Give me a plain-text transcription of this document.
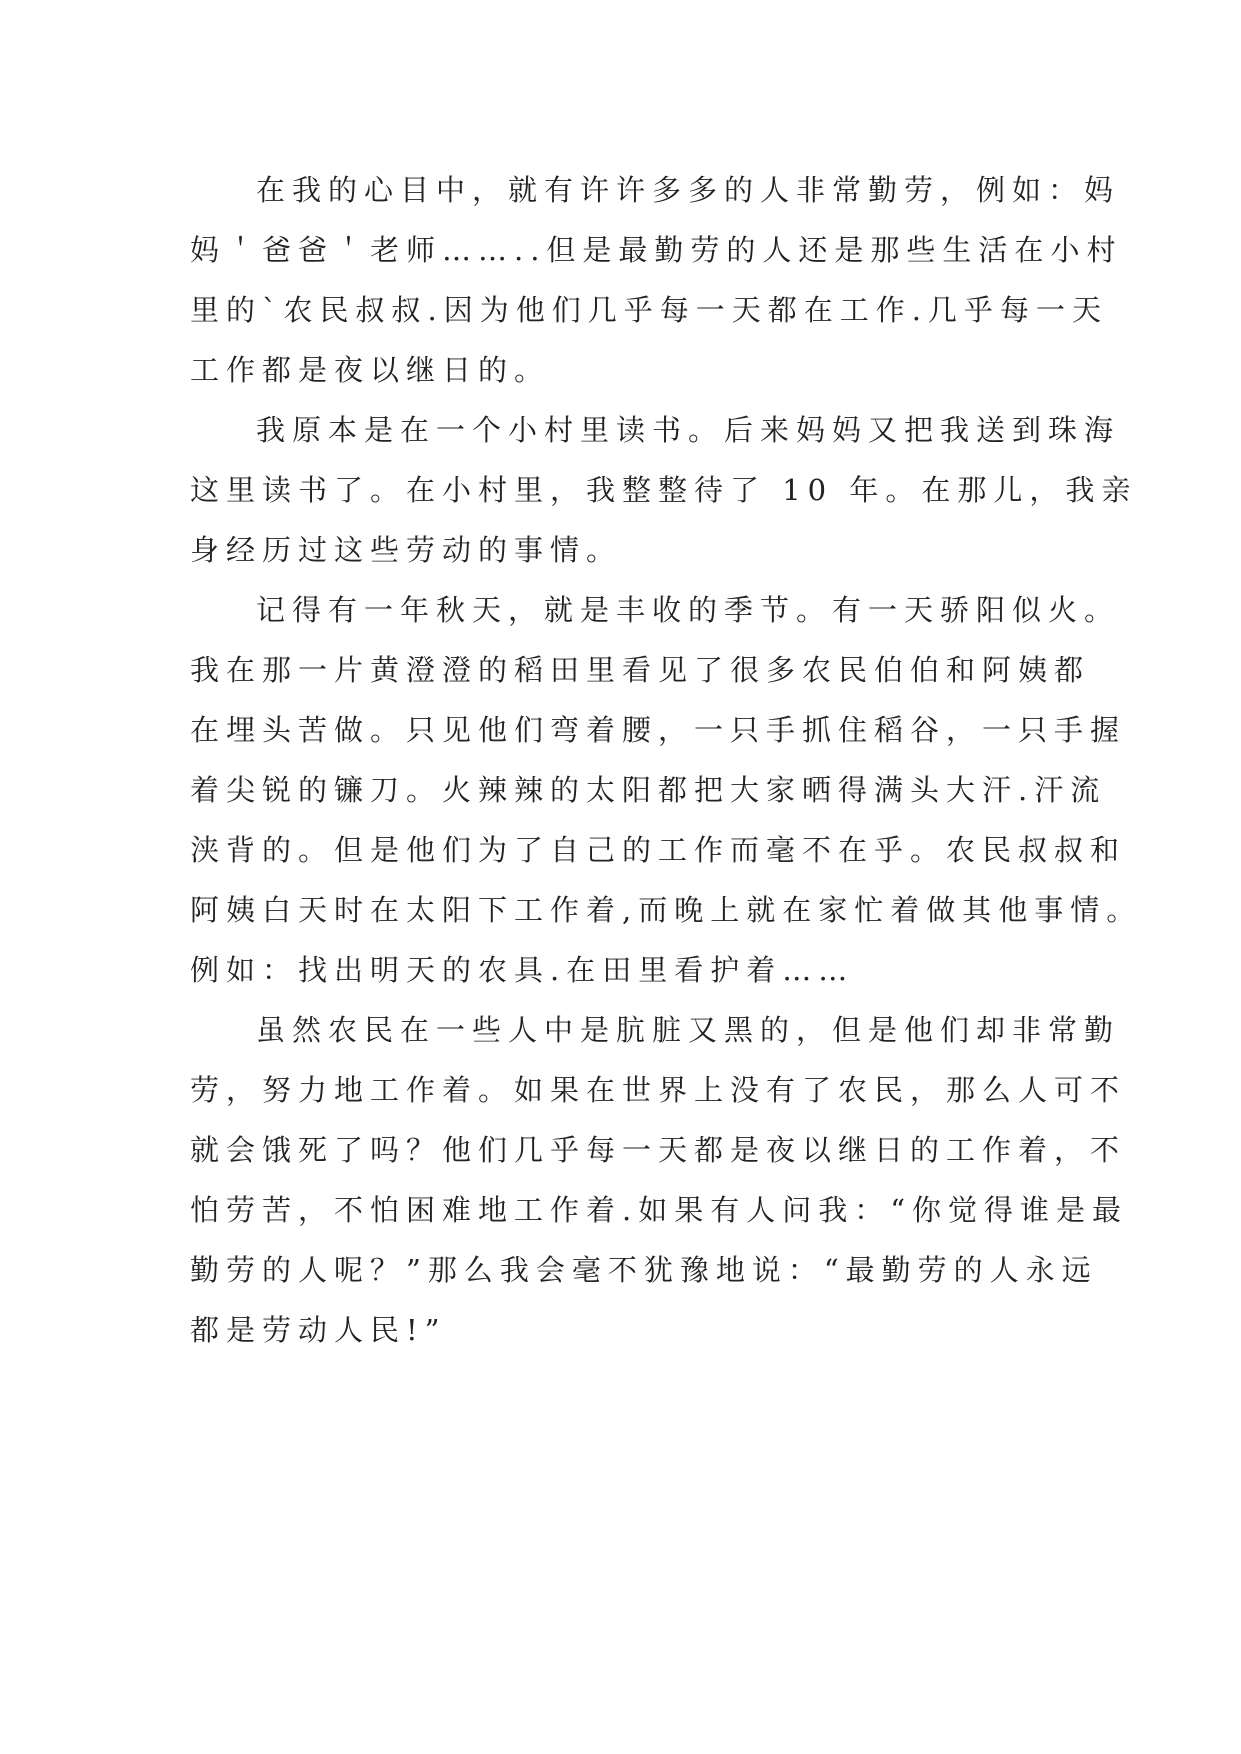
在我的心目中，就有许许多多的人非常勤劳，例如：妈
妈＇爸爸＇老师……..但是最勤劳的人还是那些生活在小村
里的`农民叔叔.因为他们几乎每一天都在工作.几乎每一天
工作都是夜以继日的。
我原本是在一个小村里读书。后来妈妈又把我送到珠海
这里读书了。在小村里，我整整待了 10 年。在那儿，我亲
身经历过这些劳动的事情。
记得有一年秋天，就是丰收的季节。有一天骄阳似火。
我在那一片黄澄澄的稻田里看见了很多农民伯伯和阿姨都
在埋头苦做。只见他们弯着腰，一只手抓住稻谷，一只手握
着尖锐的镰刀。火辣辣的太阳都把大家晒得满头大汗.汗流
浃背的。但是他们为了自己的工作而毫不在乎。农民叔叔和
阿姨白天时在太阳下工作着,而晚上就在家忙着做其他事情。
例如：找出明天的农具.在田里看护着……
虽然农民在一些人中是肮脏又黑的，但是他们却非常勤
劳，努力地工作着。如果在世界上没有了农民，那么人可不
就会饿死了吗？他们几乎每一天都是夜以继日的工作着，不
怕劳苦，不怕困难地工作着.如果有人问我：“你觉得谁是最
勤劳的人呢？”那么我会毫不犹豫地说：“最勤劳的人永远
都是劳动人民!”
